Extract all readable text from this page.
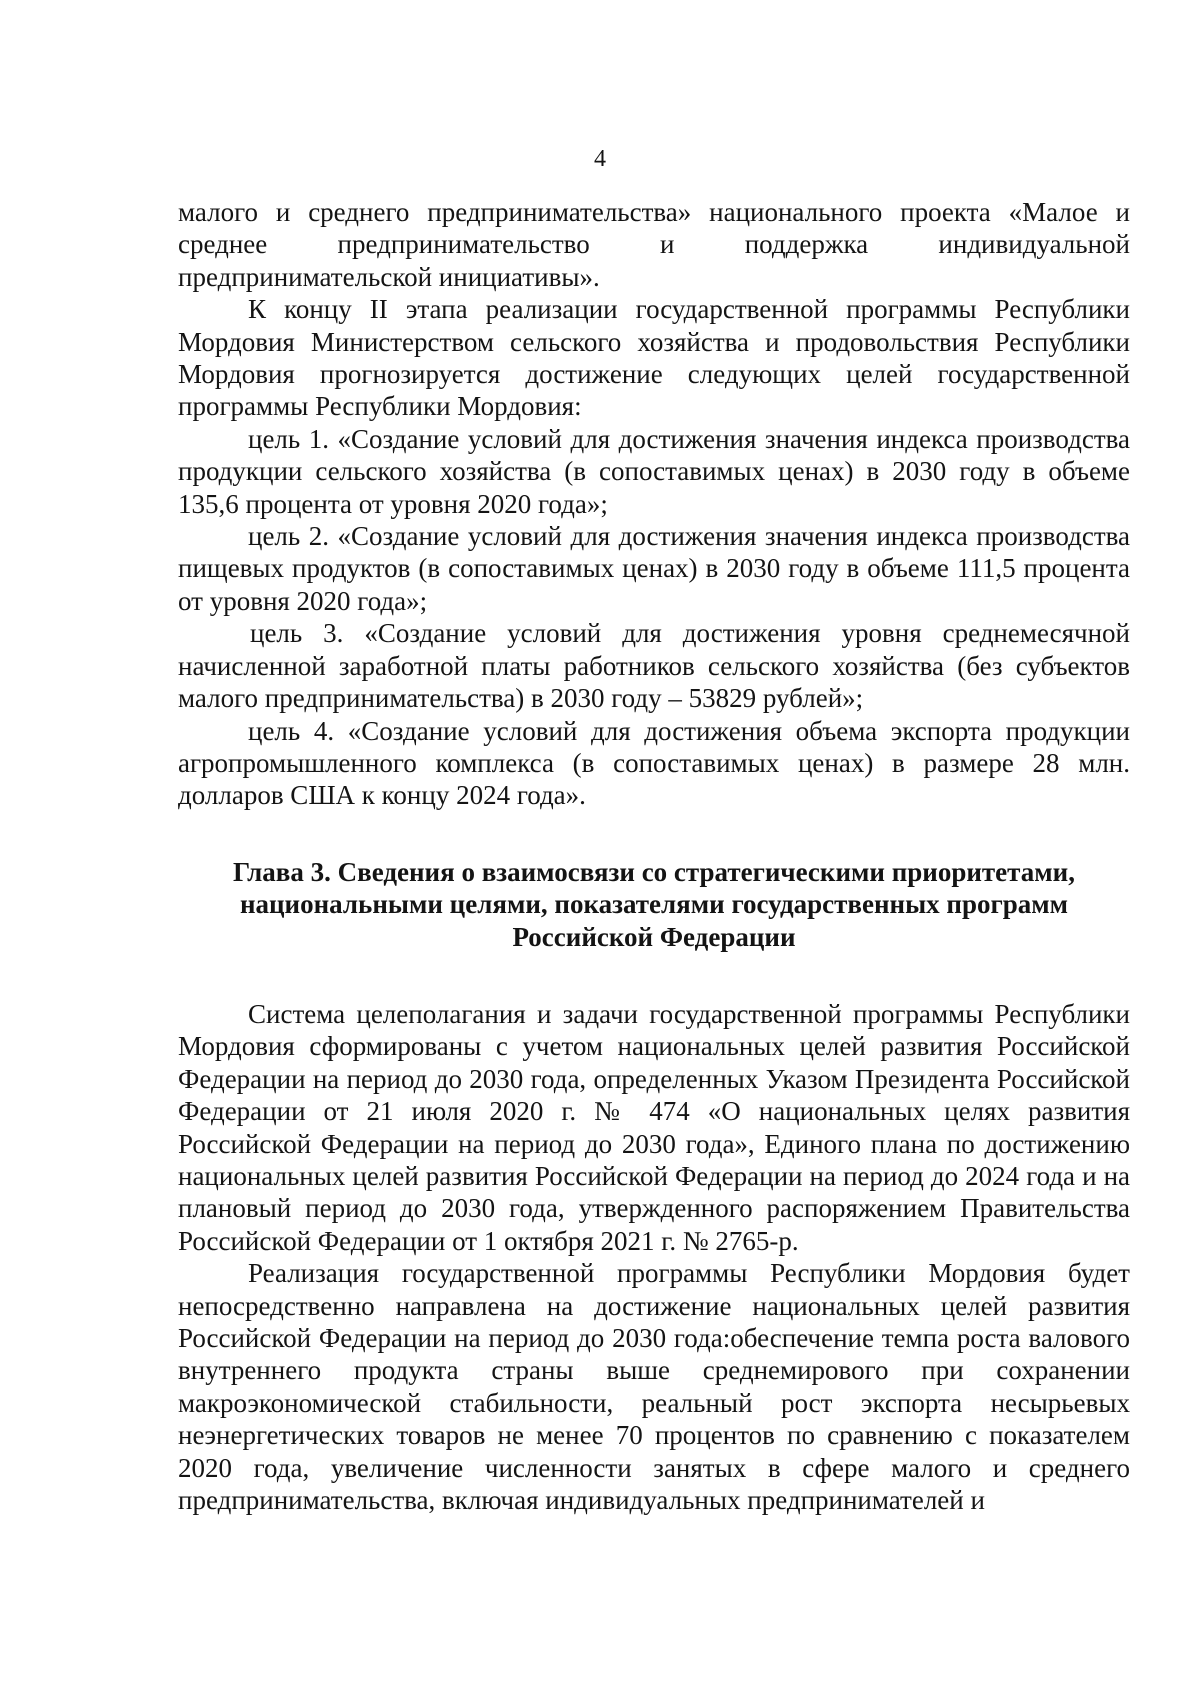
4

малого и среднего предпринимательства» национального проекта «Малое и среднее предпринимательство и поддержка индивидуальной предпринимательской инициативы».

К концу II этапа реализации государственной программы Республики Мордовия Министерством сельского хозяйства и продовольствия Республики Мордовия прогнозируется достижение следующих целей государственной программы Республики Мордовия:

цель 1. «Создание условий для достижения значения индекса производства продукции сельского хозяйства (в сопоставимых ценах) в 2030 году в объеме 135,6 процента от уровня 2020 года»;

цель 2. «Создание условий для достижения значения индекса производства пищевых продуктов (в сопоставимых ценах) в 2030 году в объеме 111,5 процента от уровня 2020 года»;

цель 3. «Создание условий для достижения уровня среднемесячной начисленной заработной платы работников сельского хозяйства (без субъектов малого предпринимательства) в 2030 году – 53829 рублей»;

цель 4. «Создание условий для достижения объема экспорта продукции агропромышленного комплекса (в сопоставимых ценах) в размере 28 млн. долларов США к концу 2024 года».

Глава 3. Сведения о взаимосвязи со стратегическими приоритетами,
национальными целями, показателями государственных программ
Российской Федерации

Система целеполагания и задачи государственной программы Республики Мордовия сформированы с учетом национальных целей развития Российской Федерации на период до 2030 года, определенных Указом Президента Российской Федерации от 21 июля 2020 г. № 474 «О национальных целях развития Российской Федерации на период до 2030 года», Единого плана по достижению национальных целей развития Российской Федерации на период до 2024 года и на плановый период до 2030 года, утвержденного распоряжением Правительства Российской Федерации от 1 октября 2021 г. № 2765-р.

Реализация государственной программы Республики Мордовия будет непосредственно направлена на достижение национальных целей развития Российской Федерации на период до 2030 года:обеспечение темпа роста валового внутреннего продукта страны выше среднемирового при сохранении макроэкономической стабильности, реальный рост экспорта несырьевых неэнергетических товаров не менее 70 процентов по сравнению с показателем 2020 года, увеличение численности занятых в сфере малого и среднего предпринимательства, включая индивидуальных предпринимателей и
